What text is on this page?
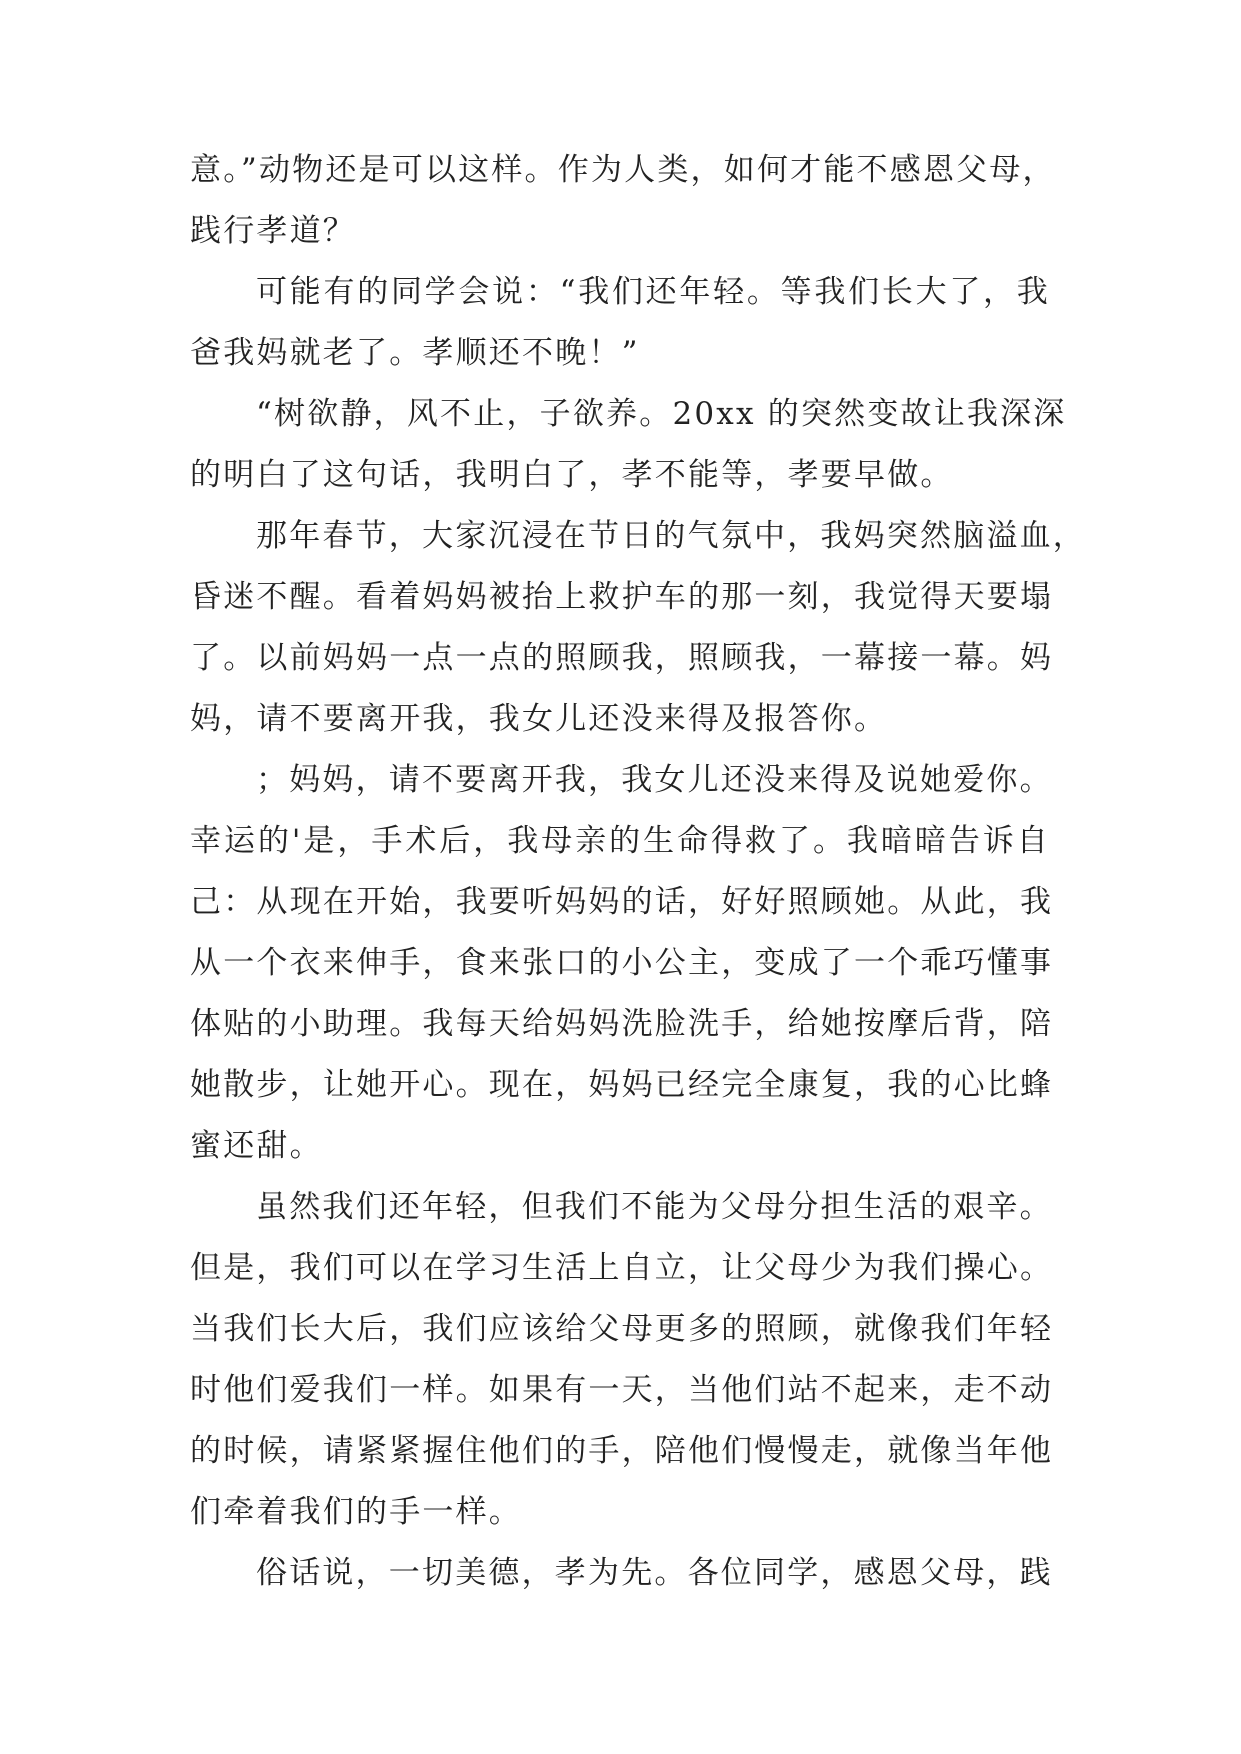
意。”动物还是可以这样。作为人类，如何才能不感恩父母，
践行孝道？
可能有的同学会说：“我们还年轻。等我们长大了，我
爸我妈就老了。孝顺还不晚！”
“树欲静，风不止，子欲养。20xx 的突然变故让我深深
的明白了这句话，我明白了，孝不能等，孝要早做。
那年春节，大家沉浸在节日的气氛中，我妈突然脑溢血，
昏迷不醒。看着妈妈被抬上救护车的那一刻，我觉得天要塌
了。以前妈妈一点一点的照顾我，照顾我，一幕接一幕。妈
妈，请不要离开我，我女儿还没来得及报答你。
；妈妈，请不要离开我，我女儿还没来得及说她爱你。
幸运的'是，手术后，我母亲的生命得救了。我暗暗告诉自
己：从现在开始，我要听妈妈的话，好好照顾她。从此，我
从一个衣来伸手，食来张口的小公主，变成了一个乖巧懂事
体贴的小助理。我每天给妈妈洗脸洗手，给她按摩后背，陪
她散步，让她开心。现在，妈妈已经完全康复，我的心比蜂
蜜还甜。
虽然我们还年轻，但我们不能为父母分担生活的艰辛。
但是，我们可以在学习生活上自立，让父母少为我们操心。
当我们长大后，我们应该给父母更多的照顾，就像我们年轻
时他们爱我们一样。如果有一天，当他们站不起来，走不动
的时候，请紧紧握住他们的手，陪他们慢慢走，就像当年他
们牵着我们的手一样。
俗话说，一切美德，孝为先。各位同学，感恩父母，践
